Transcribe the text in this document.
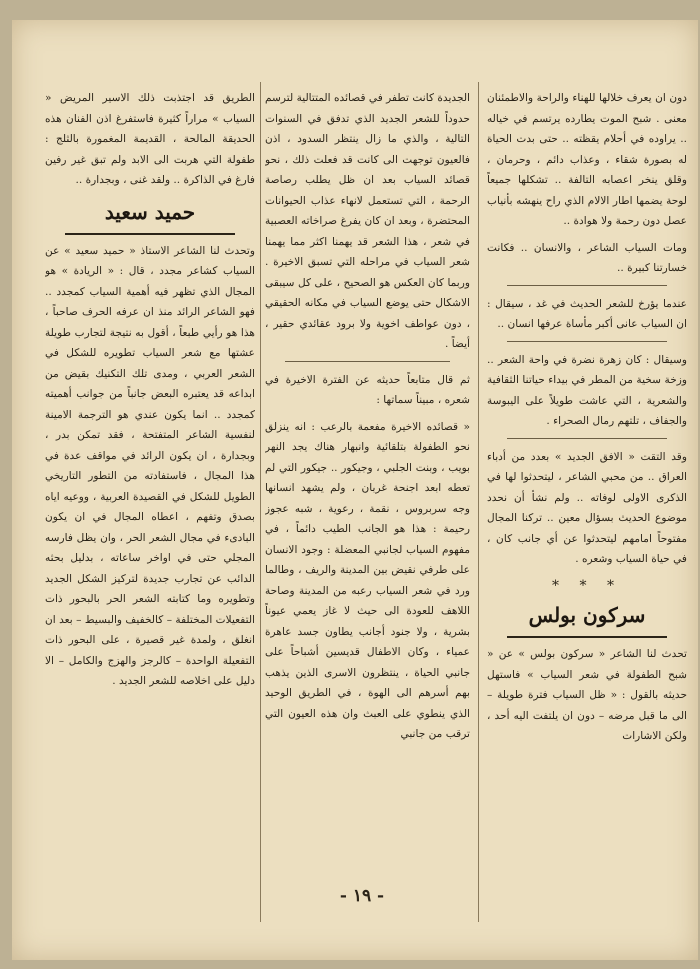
دون ان يعرف خلالها للهناء والراحة والاطمئنان معنى . شبح الموت يطارده يرتسم في خياله .. يراوده في أحلام يقظته .. حتى بدت الحياة له بصورة شقاء ، وعذاب دائم ، وحرمان ، وقلق ينخر اعصابه التالفة .. تشكلها جميعاً لوحة يضمها اطار الالام الذي راح ينهشه بأنياب عصل دون رحمة ولا هوادة ..

ومات السياب الشاعر ، والانسان .. فكانت خسارتنا كبيرة ..

عندما يؤرخ للشعر الحديث في غد ، سيقال : ان السياب عانى أكبر مأساة عرفها انسان ..

وسيقال : كان زهرة نضرة في واحة الشعر .. وزخة سخية من المطر في بيداء حياتنا الثقافية والشعرية ، التي عاشت طويلاً على اليبوسة والجفاف ، تلتهم رمال الصحراء .

وقد التقت « الافق الجديد » بعدد من أدباء العراق .. من محبي الشاعر ، ليتحدثوا لها في الذكرى الاولى لوفاته .. ولم نشأ أن نحدد موضوع الحديث بسؤال معين .. تركنا المجال مفتوحاً امامهم ليتحدثوا عن أي جانب كان ، في حياة السياب وشعره .

* * *
سركون بولس

تحدث لنا الشاعر « سركون بولس » عن « شبح الطفولة في شعر السياب » فاستهل حديثه بالقول : « ظل السياب فترة طويلة – الى ما قبل مرضه – دون ان يلتفت اليه أحد ، ولكن الاشارات

الجديدة كانت تطفر في قصائده المتتالية لترسم حدوداً للشعر الجديد الذي تدفق في السنوات التالية ، والذي ما زال ينتظر السدود ، اذن فالعيون توجهت الى كانت قد فعلت ذلك ، نحو قصائد السياب بعد ان ظل يطلب رصاصة الرحمة ، التي تستعمل لانهاء عذاب الحيوانات المحتضرة ، وبعد ان كان يفرغ صراخاته العصبية في شعر ، هذا الشعر قد يهمنا اكثر مما يهمنا شعر السياب في مراحله التي تسبق الاخيرة . وربما كان العكس هو الصحيح ، على كل سيبقى الاشكال حتى يوضع السياب في مكانه الحقيقي ، دون عواطف اخوية ولا برود عقائدي حقير ، أيضاً .

ثم قال متابعاً حديثه عن الفترة الاخيرة في شعره ، مبيناً سماتها :

« قصائده الاخيرة مفعمة بالرعب : انه ينزلق نحو الطفولة بتلقائية وانبهار هناك يجد النهر بويب ، وبنت الجلبي ، وجيكور .. جيكور التي لم تعطه ابعد اجنحة غربان ، ولم يشهد انسانها وجه سربروس ، نقمة ، رعوية ، شبه عجوز رحيمة : هذا هو الجانب الطيب دائماً ، في مفهوم السياب لجانبي المعضلة : وجود الانسان على طرفي نقيض بين المدينة والريف ، وطالما ورد في شعر السياب رعبه من المدينة وصاحة اللاهف للعودة الى حيث لا غاز يعمي عيوناً بشرية ، ولا جنود أجانب يطاون جسد عاهرة عمياء ، وكان الاطفال قديسين أشباحاً على جانبي الحياة ، ينتظرون الاسرى الذين يذهب بهم أسرهم الى الهوة ، في الطريق الوحيد الذي ينطوي على العبث وان هذه العيون التي ترقب من جانبي

الطريق قد اجتذبت ذلك الاسير المريض « السياب » مراراً كثيرة فاستفرغ اذن الفنان هذه الحديقة المالحة ، القديمة المغمورة بالثلج : طفولة التي هربت الى الابد ولم تبق غير رفين فارغ في الذاكرة .. ولقد غنى ، وبجدارة ..

حميد سعيد

وتحدث لنا الشاعر الاستاذ « حميد سعيد » عن السياب كشاعر مجدد ، قال : « الريادة » هو المجال الذي تظهر فيه أهمية السياب كمجدد .. فهو الشاعر الرائد منذ ان عرفه الحرف صاحباً ، هذا هو رأيي طبعاً ، أقول به نتيجة لتجارب طويلة عشتها مع شعر السياب تطويره للشكل في الشعر العربي ، ومدى تلك التكنيك بقيض من ابداعه قد يعتبره البعض جانباً من جوانب أهميته كمجدد .. انما يكون عندي هو الترجمة الامينة لنفسية الشاعر المتفتحة ، فقد تمكن بدر ، وبجدارة ، ان يكون الرائد في مواقف عدة في هذا المجال ، فاستفادته من التطور التاريخي الطويل للشكل في القصيدة العربية ، ووعيه اياه بصدق وتفهم ، اعطاه المجال في ان يكون البادىء في مجال الشعر الحر ، وان يظل فارسه المجلي حتى في اواخر ساعاته ، بدليل بحثه الدائب عن تجارب جديدة لتركيز الشكل الجديد وتطويره وما كتابته الشعر الحر بالبحور ذات التفعيلات المختلفة – كالخفيف والبسيط – بعد ان انغلق ، ولمدة غير قصيرة ، على البحور ذات التفعيلة الواحدة – كالرجز والهزج والكامل – الا دليل على اخلاصه للشعر الجديد .

- ١٩ -
